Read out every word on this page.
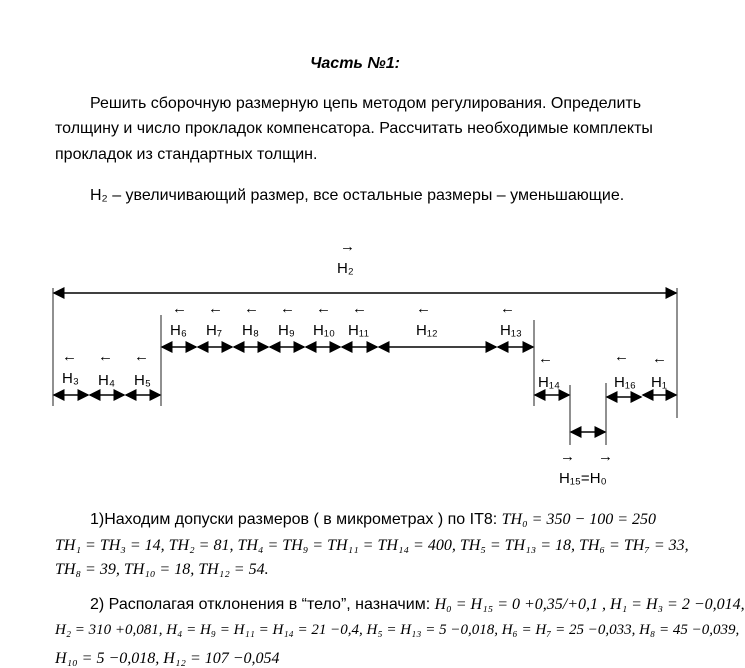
Часть №1:
Решить сборочную размерную цепь методом регулирования. Определить
толщину и число прокладок компенсатора. Рассчитать необходимые комплекты
прокладок из стандартных толщин.
H₂ – увеличивающий размер, все остальные размеры – уменьшающие.
→
H₂
← ← ← ← ← ←	←	←
H₆ H₇ H₈ H₉ H₁₀ H₁₁	H₁₂	H₁₃
← ← ←	←	← ←
H₃ H₄ H₅	H₁₄	H₁₆ H₁
→ →
H₁₅=H₀
1)Находим допуски размеров ( в микрометрах ) по IT8: TH₀ = 350 − 100 = 250
TH₁ = TH₃ = 14, TH₂ = 81, TH₄ = TH₉ = TH₁₁ = TH₁₄ = 400, TH₅ = TH₁₃ = 18, TH₆ = TH₇ = 33,
TH₈ = 39, TH₁₀ = 18, TH₁₂ = 54.
2) Располагая отклонения в “тело”, назначим: H₀ = H₁₅ = 0 +0,35/+0,1 , H₁ = H₃ = 2 −0,014,
H₂ = 310 +0,081, H₄ = H₉ = H₁₁ = H₁₄ = 21 −0,4, H₅ = H₁₃ = 5 −0,018, H₆ = H₇ = 25 −0,033, H₈ = 45 −0,039,
H₁₀ = 5 −0,018, H₁₂ = 107 −0,054
